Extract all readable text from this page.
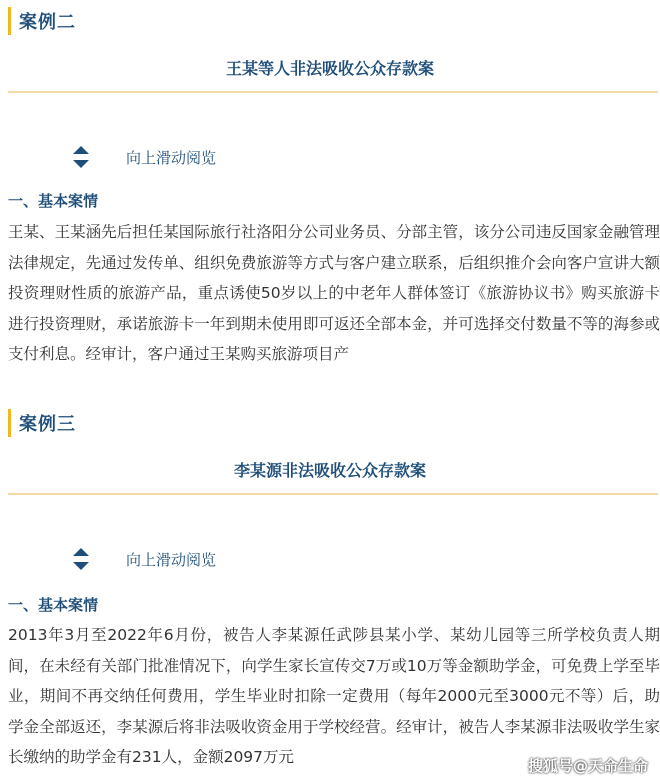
案例二
王某等人非法吸收公众存款案
向上滑动阅览
一、基本案情
王某、王某涵先后担任某国际旅行社洛阳分公司业务员、分部主管，该分公司违反国家金融管理法律规定，先通过发传单、组织免费旅游等方式与客户建立联系，后组织推介会向客户宣讲大额投资理财性质的旅游产品，重点诱使50岁以上的中老年人群体签订《旅游协议书》购买旅游卡进行投资理财，承诺旅游卡一年到期未使用即可返还全部本金，并可选择交付数量不等的海参或支付利息。经审计，客户通过王某购买旅游项目产
案例三
李某源非法吸收公众存款案
向上滑动阅览
一、基本案情
2013年3月至2022年6月份，被告人李某源任武陟县某小学、某幼儿园等三所学校负责人期间，在未经有关部门批准情况下，向学生家长宣传交7万或10万等金额助学金，可免费上学至毕业，期间不再交纳任何费用，学生毕业时扣除一定费用（每年2000元至3000元不等）后，助学金全部返还，李某源后将非法吸收资金用于学校经营。经审计，被告人李某源非法吸收学生家长缴纳的助学金有231人，金额2097万元	搜狐号@天命生命
